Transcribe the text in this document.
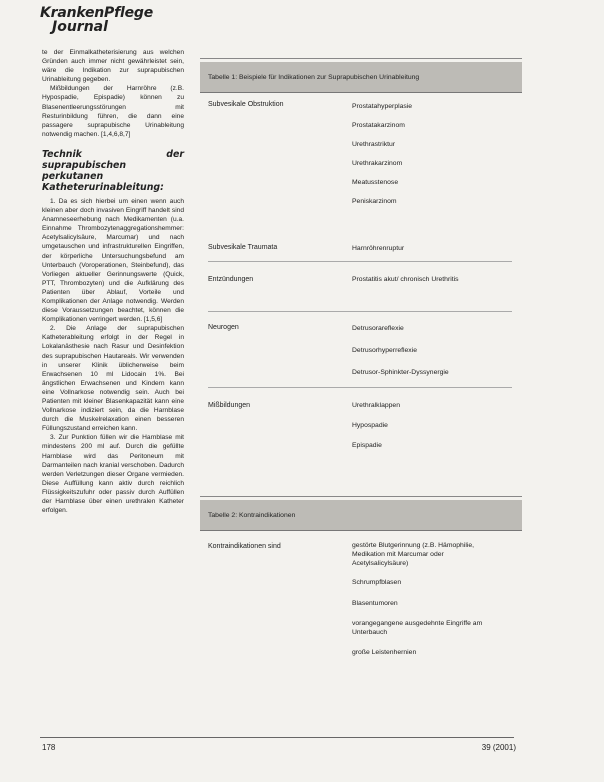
KrankenPflege
Journal

te der Einmalkatheterisierung aus welchen Gründen auch immer nicht gewährleistet sein, wäre die Indikation zur suprapubischen Urinableitung gegeben.

Mißbildungen der Harnröhre (z.B. Hypospadie, Epispadie) können zu Blasenentleerungsstörungen mit Resturinbildung führen, die dann eine passagere suprapubische Urinableitung notwendig machen. [1,4,6,8,7]

Technik der suprapubischen perkutanen Katheterurinableitung:

1. Da es sich hierbei um einen wenn auch kleinen aber doch invasiven Eingriff handelt sind Anamneseerhebung nach Medikamenten (u.a. Einnahme Thrombozytenaggregationshemmer: Acetylsalicylsäure, Marcumar) und nach umgetauschen und infrastrukturellen Eingriffen, der körperliche Untersuchungsbefund am Unterbauch (Voroperationen, Steinbefund), das Vorliegen aktueller Gerinnungswerte (Quick, PTT, Thrombozyten) und die Aufklärung des Patienten über Ablauf, Vorteile und Komplikationen der Anlage notwendig. Werden diese Voraussetzungen beachtet, können die Komplikationen verringert werden. [1,5,6]

2. Die Anlage der suprapubischen Katheterableitung erfolgt in der Regel in Lokalanästhesie nach Rasur und Desinfektion des suprapubischen Hautareals. Wir verwenden in unserer Klinik üblicherweise beim Erwachsenen 10 ml Lidocain 1%. Bei ängstlichen Erwachsenen und Kindern kann eine Vollnarkose notwendig sein. Auch bei Patienten mit kleiner Blasenkapazität kann eine Vollnarkose indiziert sein, da die Harnblase durch die Muskelrelaxation einen besseren Füllungszustand erreichen kann.

3. Zur Punktion füllen wir die Harnblase mit mindestens 200 ml auf. Durch die gefüllte Harnblase wird das Peritoneum mit Darmanteilen nach kranial verschoben. Dadurch werden Verletzungen dieser Organe vermieden. Diese Auffüllung kann aktiv durch reichlich Flüssigkeitszufuhr oder passiv durch Auffüllen der Harnblase über einen urethralen Katheter erfolgen.

Tabelle 1: Beispiele für Indikationen zur Suprapubischen Urinableitung
Subvesikale Obstruktion	Prostatahyperplasie
Prostatakarzinom
Urethrastriktur
Urethrakarzinom
Meatusstenose
Peniskarzinom
Subvesikale Traumata	Harnröhrenruptur
Entzündungen	Prostatitis akut/ chronisch Urethritis
Neurogen	Detrusorareflexie
Detrusorhyperreflexie
Detrusor-Sphinkter-Dyssynergie
Mißbildungen	Urethralklappen
Hypospadie
Epispadie
Tabelle 2: Kontraindikationen
Kontraindikationen sind	gestörte Blutgerinnung (z.B. Hämophilie, Medikation mit Marcumar oder Acetylsalicylsäure)
Schrumpfblasen
Blasentumoren
vorangegangene ausgedehnte Eingriffe am Unterbauch
große Leistenhernien
178	39 (2001)
